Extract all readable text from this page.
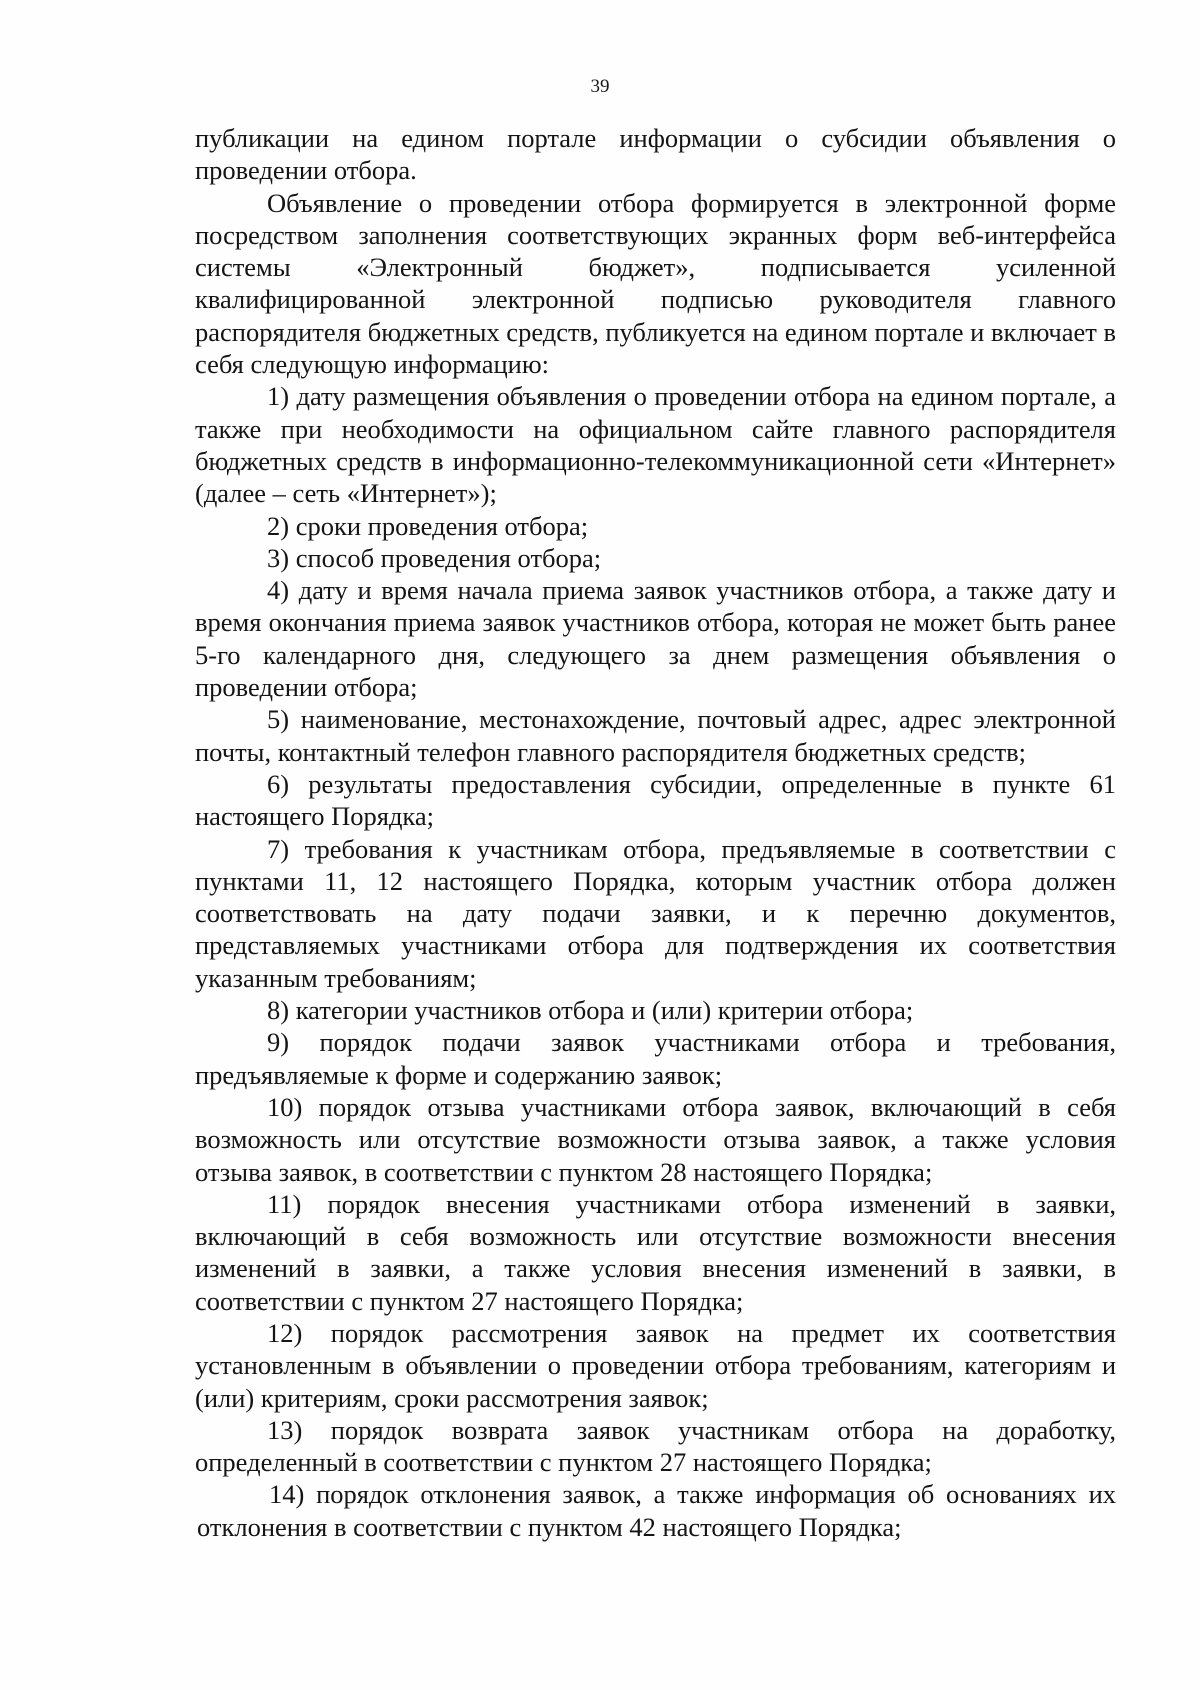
39

публикации на едином портале информации о субсидии объявления о проведении отбора.

Объявление о проведении отбора формируется в электронной форме посредством заполнения соответствующих экранных форм веб-интерфейса системы «Электронный бюджет», подписывается усиленной квалифицированной электронной подписью руководителя главного распорядителя бюджетных средств, публикуется на едином портале и включает в себя следующую информацию:

1) дату размещения объявления о проведении отбора на едином портале, а также при необходимости на официальном сайте главного распорядителя бюджетных средств в информационно-телекоммуникационной сети «Интернет» (далее – сеть «Интернет»);

2) сроки проведения отбора;

3) способ проведения отбора;

4) дату и время начала приема заявок участников отбора, а также дату и время окончания приема заявок участников отбора, которая не может быть ранее 5-го календарного дня, следующего за днем размещения объявления о проведении отбора;

5) наименование, местонахождение, почтовый адрес, адрес электронной почты, контактный телефон главного распорядителя бюджетных средств;

6) результаты предоставления субсидии, определенные в пункте 61 настоящего Порядка;

7) требования к участникам отбора, предъявляемые в соответствии с пунктами 11, 12 настоящего Порядка, которым участник отбора должен соответствовать на дату подачи заявки, и к перечню документов, представляемых участниками отбора для подтверждения их соответствия указанным требованиям;

8) категории участников отбора и (или) критерии отбора;

9) порядок подачи заявок участниками отбора и требования, предъявляемые к форме и содержанию заявок;

10) порядок отзыва участниками отбора заявок, включающий в себя возможность или отсутствие возможности отзыва заявок, а также условия отзыва заявок, в соответствии с пунктом 28 настоящего Порядка;

11) порядок внесения участниками отбора изменений в заявки, включающий в себя возможность или отсутствие возможности внесения изменений в заявки, а также условия внесения изменений в заявки, в соответствии с пунктом 27 настоящего Порядка;

12) порядок рассмотрения заявок на предмет их соответствия установленным в объявлении о проведении отбора требованиям, категориям и (или) критериям, сроки рассмотрения заявок;

13) порядок возврата заявок участникам отбора на доработку, определенный в соответствии с пунктом 27 настоящего Порядка;

14) порядок отклонения заявок, а также информация об основаниях их отклонения в соответствии с пунктом 42 настоящего Порядка;
